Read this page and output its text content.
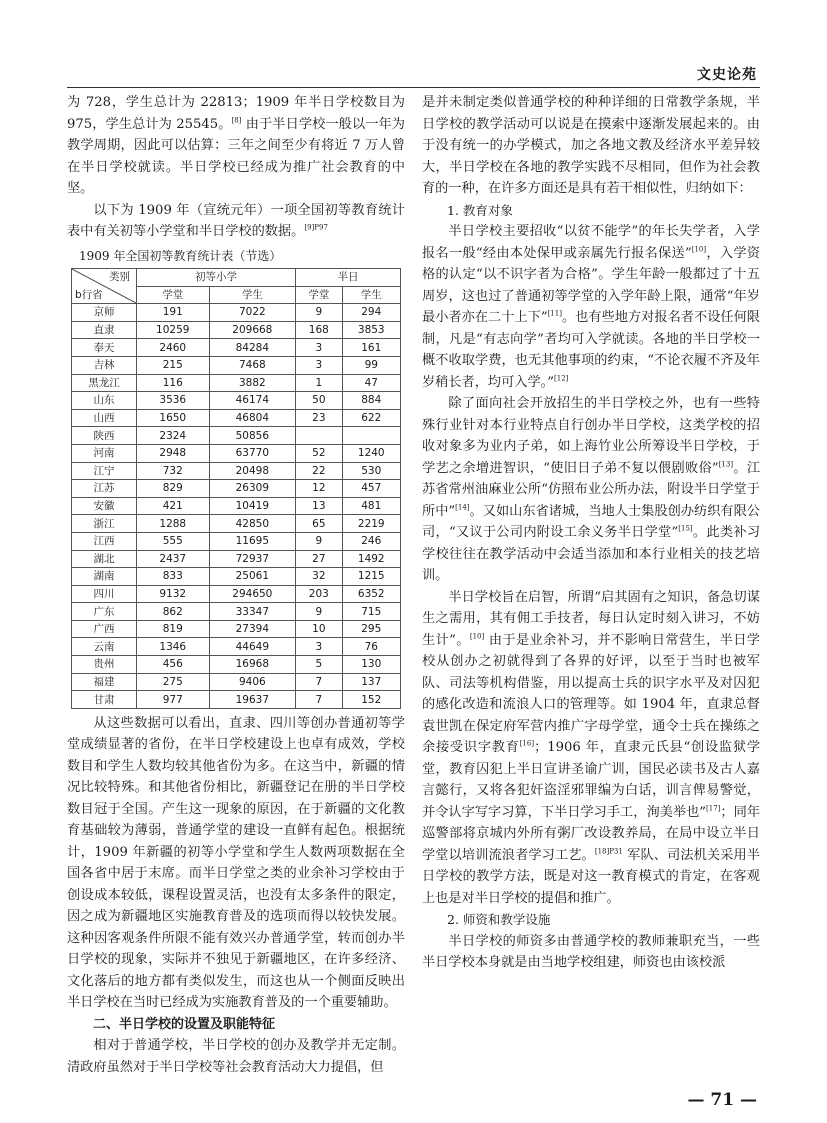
文史论苑

为 728，学生总计为 22813；1909 年半日学校数目为 975，学生总计为 25545。[8] 由于半日学校一般以一年为教学周期，因此可以估算：三年之间至少有将近 7 万人曾在半日学校就读。半日学校已经成为推广社会教育的中坚。

以下为 1909 年（宣统元年）一项全国初等教育统计表中有关初等小学堂和半日学校的数据。$^{[9]P97}$

1909 年全国初等教育统计表（节选）
类别
b行省	初等小学		半日	
	学堂	学生	学堂	学生
京师	191	7022	9	294
直隶	10259	209668	168	3853
奉天	2460	84284	3	161
吉林	215	7468	3	99
黑龙江	116	3882	1	47
山东	3536	46174	50	884
山西	1650	46804	23	622
陕西	2324	50856		
河南	2948	63770	52	1240
江宁	732	20498	22	530
江苏	829	26309	12	457
安徽	421	10419	13	481
浙江	1288	42850	65	2219
江西	555	11695	9	246
湖北	2437	72937	27	1492
湖南	833	25061	32	1215
四川	9132	294650	203	6352
广东	862	33347	9	715
广西	819	27394	10	295
云南	1346	44649	3	76
贵州	456	16968	5	130
福建	275	9406	7	137
甘肃	977	19637	7	152

从这些数据可以看出，直隶、四川等创办普通初等学堂成绩显著的省份，在半日学校建设上也卓有成效，学校数目和学生人数均较其他省份为多。在这当中，新疆的情况比较特殊。和其他省份相比，新疆登记在册的半日学校数目冠于全国。产生这一现象的原因，在于新疆的文化教育基础较为薄弱，普通学堂的建设一直鲜有起色。根据统计，1909 年新疆的初等小学堂和学生人数两项数据在全国各省中居于末席。而半日学堂之类的业余补习学校由于创设成本较低，课程设置灵活，也没有太多条件的限定，因之成为新疆地区实施教育普及的选项而得以较快发展。这种因客观条件所限不能有效兴办普通学堂，转而创办半日学校的现象，实际并不独见于新疆地区，在许多经济、文化落后的地方都有类似发生，而这也从一个侧面反映出半日学校在当时已经成为实施教育普及的一个重要辅助。

二、半日学校的设置及职能特征

相对于普通学校，半日学校的创办及教学并无定制。清政府虽然对于半日学校等社会教育活动大力提倡，但

是并未制定类似普通学校的种种详细的日常教学条规，半日学校的教学活动可以说是在摸索中逐渐发展起来的。由于没有统一的办学模式，加之各地文教及经济水平差异较大，半日学校在各地的教学实践不尽相同，但作为社会教育的一种，在许多方面还是具有若干相似性，归纳如下：

1. 教育对象

半日学校主要招收“以贫不能学”的年长失学者，入学报名一般“经由本处保甲或亲属先行报名保送”[10]，入学资格的认定“以不识字者为合格”。学生年龄一般都过了十五周岁，这也过了普通初等学堂的入学年龄上限，通常“年岁最小者亦在二十上下”[11]。也有些地方对报名者不设任何限制，凡是“有志向学”者均可入学就读。各地的半日学校一概不收取学费，也无其他事项的约束，“不论衣履不齐及年岁稍长者，均可入学。”[12]

除了面向社会开放招生的半日学校之外，也有一些特殊行业针对本行业特点自行创办半日学校，这类学校的招收对象多为业内子弟，如上海竹业公所筹设半日学校，于学艺之余增进智识，“使旧日子弟不复以偎剧败俗”[13]。江苏省常州油麻业公所“仿照布业公所办法，附设半日学堂于所中”[14]。又如山东省诸城，当地人士集股创办纺织有限公司，“又议于公司内附设工余义务半日学堂”[15]。此类补习学校往往在教学活动中会适当添加和本行业相关的技艺培训。

半日学校旨在启智，所谓“启其固有之知识，备急切谋生之需用，其有佣工手技者，每日认定时刻入讲习，不妨生计”。[10] 由于是业余补习，并不影响日常营生，半日学校从创办之初就得到了各界的好评，以至于当时也被军队、司法等机构借鉴，用以提高士兵的识字水平及对囚犯的感化改造和流浪人口的管理等。如 1904 年，直隶总督袁世凯在保定府军营内推广字母学堂，通令士兵在操练之余接受识字教育[16]；1906 年，直隶元氏县“创设监狱学堂，教育囚犯上半日宣讲圣谕广训，国民必读书及古人嘉言懿行，又将各犯奸盗淫邪罪编为白话，训言俾易警觉，并令认字写字习算，下半日学习手工，洵美举也”[17]；同年巡警部将京城内外所有粥厂改设教养局，在局中设立半日学堂以培训流浪者学习工艺。$^{[18]P31}$ 军队、司法机关采用半日学校的教学方法，既是对这一教育模式的肯定，在客观上也是对半日学校的提倡和推广。

2. 师资和教学设施

半日学校的师资多由普通学校的教师兼职充当，一些半日学校本身就是由当地学校组建，师资也由该校派

— 71 —
